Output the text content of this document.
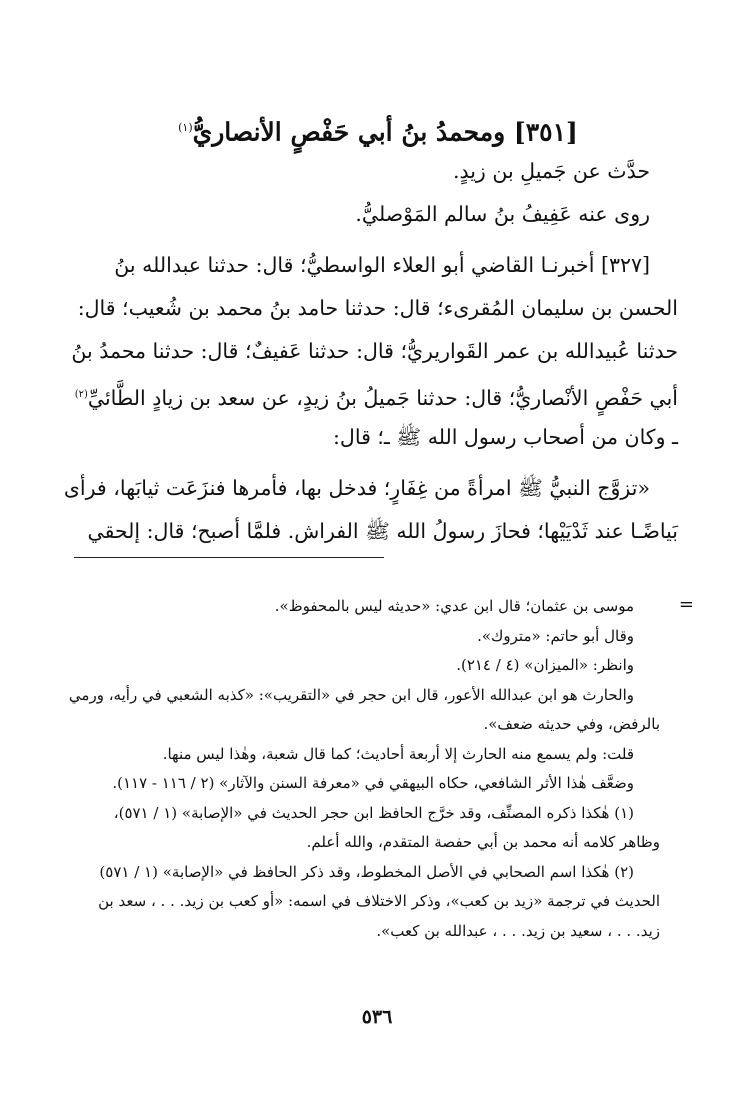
[٣٥١] ومحمدُ بنُ أبي حَفْصٍ الأنصاريُّ$^{(١)}$
حدَّث عن جَميلِ بن زيدٍ.
روى عنه عَفِيفُ بنُ سالم المَوْصليُّ.
[٣٢٧] أخبرنـا القاضي أبو العلاء الواسطيُّ؛ قال: حدثنا عبدالله بنُ
الحسن بن سليمان المُقرىء؛ قال: حدثنا حامد بنُ محمد بن شُعيب؛ قال:
حدثنا عُبيدالله بن عمر القَواريريُّ؛ قال: حدثنا عَفيفٌ؛ قال: حدثنا محمدُ بنُ
أبي حَفْصٍ الأنْصاريُّ؛ قال: حدثنا جَميلُ بنُ زيدٍ، عن سعد بن زيادٍ الطَّائيِّ$^{(٢)}$
ـ وكان من أصحاب رسول الله ﷺ ـ؛ قال:
«تزوَّج النبيُّ ﷺ امرأةً من غِفَارٍ؛ فدخل بها، فأمرها فنزَعَت ثيابَها، فرأى
بَياضًـا عند ثَدْيَيْها؛ فحازَ رسولُ الله ﷺ الفراش. فلمَّا أصبح؛ قال: إلحقي
=
موسى بن عثمان؛ قال ابن عدي: «حديثه ليس بالمحفوظ».
وقال أبو حاتم: «متروك».
وانظر: «الميزان» (٤ / ٢١٤).
والحارث هو ابن عبدالله الأعور، قال ابن حجر في «التقريب»: «كذبه الشعبي في رأيه، ورمي
بالرفض، وفي حديثه ضعف».
قلت: ولم يسمع منه الحارث إلا أربعة أحاديث؛ كما قال شعبة، وهٰذا ليس منها.
وضعَّف هٰذا الأثر الشافعي، حكاه البيهقي في «معرفة السنن والآثار» (٢ / ١١٦ - ١١٧).
(١) هٰكذا ذكره المصنِّف، وقد خرَّج الحافظ ابن حجر الحديث في «الإصابة» (١ / ٥٧١)،
وظاهر كلامه أنه محمد بن أبي حفصة المتقدم، والله أعلم.
(٢) هٰكذا اسم الصحابي في الأصل المخطوط، وقد ذكر الحافظ في «الإصابة» (١ / ٥٧١)
الحديث في ترجمة «زيد بن كعب»، وذكر الاختلاف في اسمه: «أو كعب بن زيد. . . ، سعد بن
زيد. . . ، سعيد بن زيد. . . ، عبدالله بن كعب».
٥٣٦
